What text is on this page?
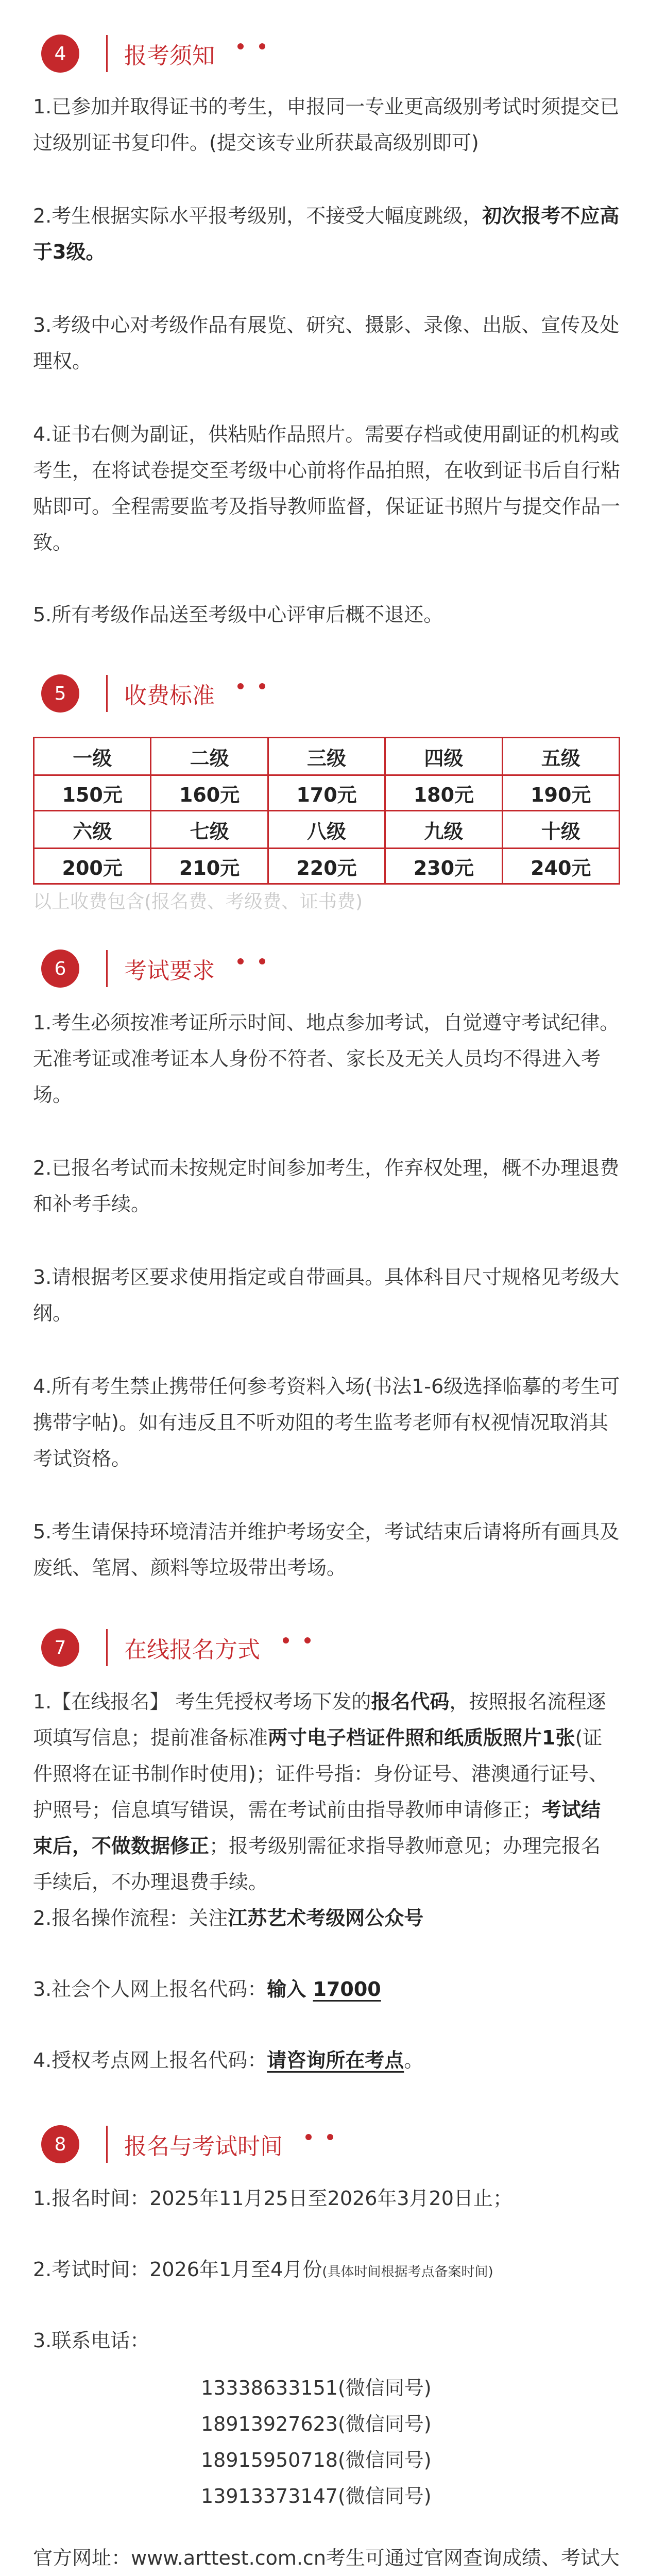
4	报考须知

1.已参加并取得证书的考生，申报同一专业更高级别考试时须提交已过级别证书复印件。(提交该专业所获最高级别即可)

2.考生根据实际水平报考级别，不接受大幅度跳级，初次报考不应高于3级。

3.考级中心对考级作品有展览、研究、摄影、录像、出版、宣传及处理权。

4.证书右侧为副证，供粘贴作品照片。需要存档或使用副证的机构或考生，在将试卷提交至考级中心前将作品拍照，在收到证书后自行粘贴即可。全程需要监考及指导教师监督，保证证书照片与提交作品一致。

5.所有考级作品送至考级中心评审后概不退还。

5	收费标准
一级	二级	三级	四级	五级
150元	160元	170元	180元	190元
六级	七级	八级	九级	十级
200元	210元	220元	230元	240元
以上收费包含(报名费、考级费、证书费)
6	考试要求

1.考生必须按准考证所示时间、地点参加考试，自觉遵守考试纪律。无准考证或准考证本人身份不符者、家长及无关人员均不得进入考场。

2.已报名考试而未按规定时间参加考生，作弃权处理，概不办理退费和补考手续。

3.请根据考区要求使用指定或自带画具。具体科目尺寸规格见考级大纲。

4.所有考生禁止携带任何参考资料入场(书法1-6级选择临摹的考生可携带字帖)。如有违反且不听劝阻的考生监考老师有权视情况取消其考试资格。

5.考生请保持环境清洁并维护考场安全，考试结束后请将所有画具及废纸、笔屑、颜料等垃圾带出考场。

7	在线报名方式

1.【在线报名】 考生凭授权考场下发的报名代码，按照报名流程逐项填写信息；提前准备标准两寸电子档证件照和纸质版照片1张(证件照将在证书制作时使用)；证件号指：身份证号、港澳通行证号、护照号；信息填写错误，需在考试前由指导教师申请修正；考试结束后，不做数据修正；报考级别需征求指导教师意见；办理完报名手续后，不办理退费手续。

2.报名操作流程：关注江苏艺术考级网公众号

3.社会个人网上报名代码：输入 17000

4.授权考点网上报名代码：请咨询所在考点。

8	报名与考试时间

1.报名时间：2025年11月25日至2026年3月20日止；

2.考试时间：2026年1月至4月份(具体时间根据考点备案时间)

3.联系电话：

13338633151(微信同号)
18913927623(微信同号)
18915950718(微信同号)
13913373147(微信同号)

官方网址：www.arttest.com.cn考生可通过官网查询成绩、考试大
